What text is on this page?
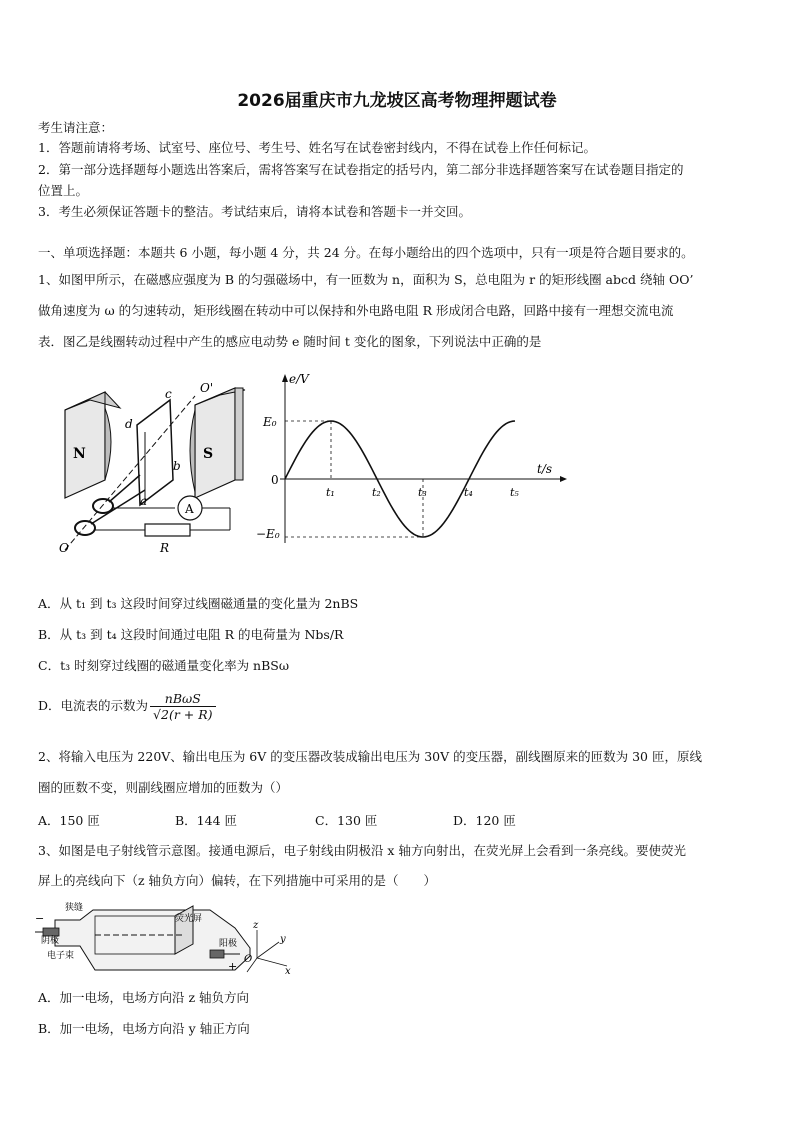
2026届重庆市九龙坡区高考物理押题试卷
考生请注意：
1．答题前请将考场、试室号、座位号、考生号、姓名写在试卷密封线内，不得在试卷上作任何标记。
2．第一部分选择题每小题选出答案后，需将答案写在试卷指定的括号内，第二部分非选择题答案写在试卷题目指定的
位置上。
3．考生必须保证答题卡的整洁。考试结束后，请将本试卷和答题卡一并交回。
一、单项选择题：本题共 6 小题，每小题 4 分，共 24 分。在每小题给出的四个选项中，只有一项是符合题目要求的。
1、如图甲所示，在磁感应强度为 B 的匀强磁场中，有一匝数为 n，面积为 S，总电阻为 r 的矩形线圈 abcd 绕轴 OO’
做角速度为 ω 的匀速转动，矩形线圈在转动中可以保持和外电路电阻 R 形成闭合电路，回路中接有一理想交流电流
表．图乙是线圈转动过程中产生的感应电动势 e 随时间 t 变化的图象，下列说法中正确的是
N	S
c
d
b
a
O'
O
A
R
e/V
t/s
0
E₀
−E₀
t₁	t₂	t₃	t₄	t₅
A．从 t₁ 到 t₃ 这段时间穿过线圈磁通量的变化量为 2nBS
B．从 t₃ 到 t₄ 这段时间通过电阻 R 的电荷量为 Nbs/R
C．t₃ 时刻穿过线圈的磁通量变化率为 nBSω
D．电流表的示数为 $\frac{\text{nBωS}}{√2(r + R)}$
2、将输入电压为 220V、输出电压为 6V 的变压器改装成输出电压为 30V 的变压器，副线圈原来的匝数为 30 匝，原线
圈的匝数不变，则副线圈应增加的匝数为（）
A．150 匝	B．144 匝	C．130 匝	D．120 匝
3、如图是电子射线管示意图。接通电源后，电子射线由阴极沿 x 轴方向射出，在荧光屏上会看到一条亮线。要使荧光
屏上的亮线向下（z 轴负方向）偏转，在下列措施中可采用的是（　　）
−
+
狭缝
荧光屏
阴极
电子束
阳极
z
y
x
O
A．加一电场，电场方向沿 z 轴负方向
B．加一电场，电场方向沿 y 轴正方向
